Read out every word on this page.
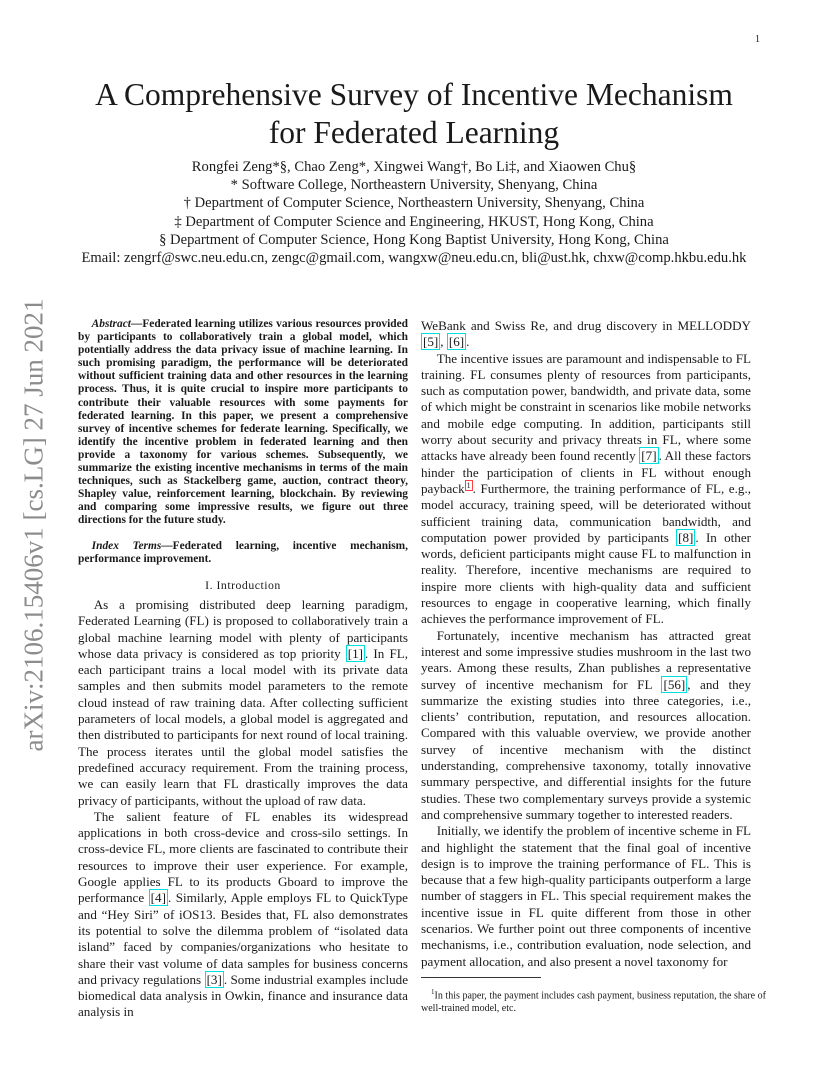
1
arXiv:2106.15406v1 [cs.LG] 27 Jun 2021
A Comprehensive Survey of Incentive Mechanism
for Federated Learning
Rongfei Zeng*§, Chao Zeng*, Xingwei Wang†, Bo Li‡, and Xiaowen Chu§
* Software College, Northeastern University, Shenyang, China
† Department of Computer Science, Northeastern University, Shenyang, China
‡ Department of Computer Science and Engineering, HKUST, Hong Kong, China
§ Department of Computer Science, Hong Kong Baptist University, Hong Kong, China
Email: zengrf@swc.neu.edu.cn, zengc@gmail.com, wangxw@neu.edu.cn, bli@ust.hk, chxw@comp.hkbu.edu.hk

Abstract—Federated learning utilizes various resources provided by participants to collaboratively train a global model, which potentially address the data privacy issue of machine learning. In such promising paradigm, the performance will be deteriorated without sufficient training data and other resources in the learning process. Thus, it is quite crucial to inspire more participants to contribute their valuable resources with some payments for federated learning. In this paper, we present a comprehensive survey of incentive schemes for federate learning. Specifically, we identify the incentive problem in federated learning and then provide a taxonomy for various schemes. Subsequently, we summarize the existing incentive mechanisms in terms of the main techniques, such as Stackelberg game, auction, contract theory, Shapley value, reinforcement learning, blockchain. By reviewing and comparing some impressive results, we figure out three directions for the future study.

Index Terms—Federated learning, incentive mechanism, performance improvement.

I. Introduction

As a promising distributed deep learning paradigm, Federated Learning (FL) is proposed to collaboratively train a global machine learning model with plenty of participants whose data privacy is considered as top priority [1] . In FL, each participant trains a local model with its private data samples and then submits model parameters to the remote cloud instead of raw training data. After collecting sufficient parameters of local models, a global model is aggregated and then distributed to participants for next round of local training. The process iterates until the global model satisfies the predefined accuracy requirement. From the training process, we can easily learn that FL drastically improves the data privacy of participants, without the upload of raw data.

The salient feature of FL enables its widespread applications in both cross-device and cross-silo settings. In cross-device FL, more clients are fascinated to contribute their resources to improve their user experience. For example, Google applies FL to its products Gboard to improve the performance [4] . Similarly, Apple employs FL to QuickType and “Hey Siri” of iOS13. Besides that, FL also demonstrates its potential to solve the dilemma problem of “isolated data island” faced by companies/organizations who hesitate to share their vast volume of data samples for business concerns and privacy regulations [3] . Some industrial examples include biomedical data analysis in Owkin, finance and insurance data analysis in

WeBank and Swiss Re, and drug discovery in MELLODDY [5] , [6] .

The incentive issues are paramount and indispensable to FL training. FL consumes plenty of resources from participants, such as computation power, bandwidth, and private data, some of which might be constraint in scenarios like mobile networks and mobile edge computing. In addition, participants still worry about security and privacy threats in FL, where some attacks have already been found recently [7] . All these factors hinder the participation of clients in FL without enough payback $^1$ . Furthermore, the training performance of FL, e.g., model accuracy, training speed, will be deteriorated without sufficient training data, communication bandwidth, and computation power provided by participants [8] . In other words, deficient participants might cause FL to malfunction in reality. Therefore, incentive mechanisms are required to inspire more clients with high-quality data and sufficient resources to engage in cooperative learning, which finally achieves the performance improvement of FL.

Fortunately, incentive mechanism has attracted great interest and some impressive studies mushroom in the last two years. Among these results, Zhan publishes a representative survey of incentive mechanism for FL [56] , and they summarize the existing studies into three categories, i.e., clients’ contribution, reputation, and resources allocation. Compared with this valuable overview, we provide another survey of incentive mechanism with the distinct understanding, comprehensive taxonomy, totally innovative summary perspective, and differential insights for the future studies. These two complementary surveys provide a systemic and comprehensive summary together to interested readers.

Initially, we identify the problem of incentive scheme in FL and highlight the statement that the final goal of incentive design is to improve the training performance of FL. This is because that a few high-quality participants outperform a large number of staggers in FL. This special requirement makes the incentive issue in FL quite different from those in other scenarios. We further point out three components of incentive mechanisms, i.e., contribution evaluation, node selection, and payment allocation, and also present a novel taxonomy for

$^1$In this paper, the payment includes cash payment, business reputation, the share of well-trained model, etc.
